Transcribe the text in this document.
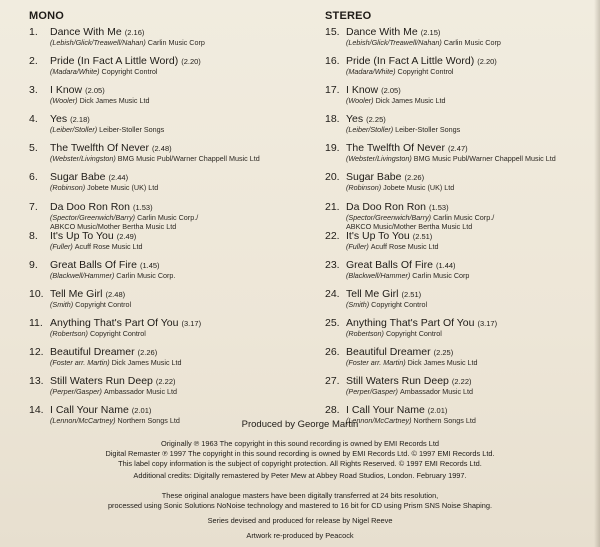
MONO
1. Dance With Me (2.16)
(Lebish/Glick/Treawell/Nahan) Carlin Music Corp
2. Pride (In Fact A Little Word) (2.20)
(Madara/White) Copyright Control
3. I Know (2.05)
(Wooler) Dick James Music Ltd
4. Yes (2.18)
(Leiber/Stoller) Leiber-Stoller Songs
5. The Twelfth Of Never (2.48)
(Webster/Livingston) BMG Music Publ/Warner Chappell Music Ltd
6. Sugar Babe (2.44)
(Robinson) Jobete Music (UK) Ltd
7. Da Doo Ron Ron (1.53)
(Spector/Greenwich/Barry) Carlin Music Corp./
ABKCO Music/Mother Bertha Music Ltd
8. It's Up To You (2.49)
(Fuller) Acuff Rose Music Ltd
9. Great Balls Of Fire (1.45)
(Blackwell/Hammer) Carlin Music Corp.
10. Tell Me Girl (2.48)
(Smith) Copyright Control
11. Anything That's Part Of You (3.17)
(Robertson) Copyright Control
12. Beautiful Dreamer (2.26)
(Foster arr. Martin) Dick James Music Ltd
13. Still Waters Run Deep (2.22)
(Perper/Gasper) Ambassador Music Ltd
14. I Call Your Name (2.01)
(Lennon/McCartney) Northern Songs Ltd
STEREO
15. Dance With Me (2.15)
(Lebish/Glick/Treawell/Nahan) Carlin Music Corp
16. Pride (In Fact A Little Word) (2.20)
(Madara/White) Copyright Control
17. I Know (2.05)
(Wooler) Dick James Music Ltd
18. Yes (2.25)
(Leiber/Stoller) Leiber-Stoller Songs
19. The Twelfth Of Never (2.47)
(Webster/Livingston) BMG Music Publ/Warner Chappell Music Ltd
20. Sugar Babe (2.26)
(Robinson) Jobete Music (UK) Ltd
21. Da Doo Ron Ron (1.53)
(Spector/Greenwich/Barry) Carlin Music Corp./
ABKCO Music/Mother Bertha Music Ltd
22. It's Up To You (2.51)
(Fuller) Acuff Rose Music Ltd
23. Great Balls Of Fire (1.44)
(Blackwell/Hammer) Carlin Music Corp
24. Tell Me Girl (2.51)
(Smith) Copyright Control
25. Anything That's Part Of You (3.17)
(Robertson) Copyright Control
26. Beautiful Dreamer (2.25)
(Foster arr. Martin) Dick James Music Ltd
27. Still Waters Run Deep (2.22)
(Perper/Gasper) Ambassador Music Ltd
28. I Call Your Name (2.01)
(Lennon/McCartney) Northern Songs Ltd
Produced by George Martin
Originally ℗ 1963 The copyright in this sound recording is owned by EMI Records Ltd
Digital Remaster ℗ 1997 The copyright in this sound recording is owned by EMI Records Ltd. © 1997 EMI Records Ltd.
This label copy information is the subject of copyright protection. All Rights Reserved. © 1997 EMI Records Ltd.
Additional credits: Digitally remastered by Peter Mew at Abbey Road Studios, London. February 1997.
These original analogue masters have been digitally transferred at 24 bits resolution,
processed using Sonic Solutions NoNoise technology and mastered to 16 bit for CD using Prism SNS Noise Shaping.
Series devised and produced for release by Nigel Reeve
Artwork re-produced by Peacock
